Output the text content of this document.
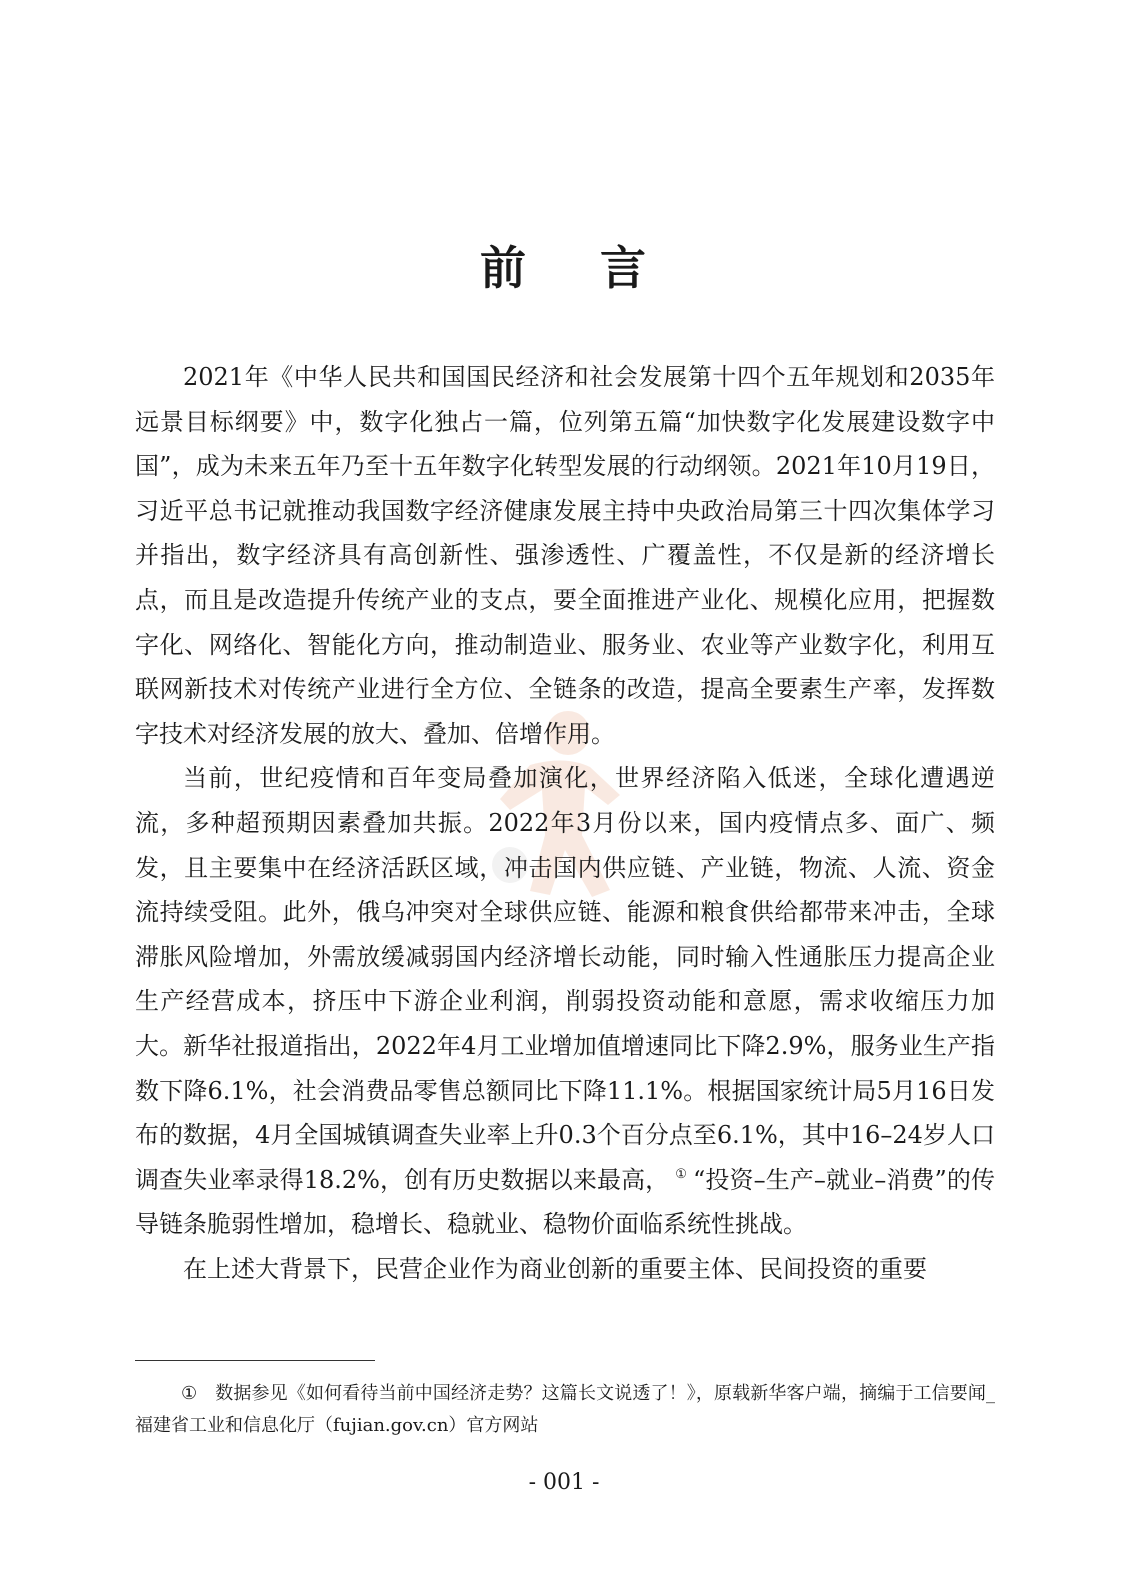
前 言

2021年《中华人民共和国国民经济和社会发展第十四个五年规划和2035年远景目标纲要》中，数字化独占一篇，位列第五篇“加快数字化发展建设数字中国”，成为未来五年乃至十五年数字化转型发展的行动纲领。2021年10月19日，习近平总书记就推动我国数字经济健康发展主持中央政治局第三十四次集体学习并指出，数字经济具有高创新性、强渗透性、广覆盖性，不仅是新的经济增长点，而且是改造提升传统产业的支点，要全面推进产业化、规模化应用，把握数字化、网络化、智能化方向，推动制造业、服务业、农业等产业数字化，利用互联网新技术对传统产业进行全方位、全链条的改造，提高全要素生产率，发挥数字技术对经济发展的放大、叠加、倍增作用。

当前，世纪疫情和百年变局叠加演化，世界经济陷入低迷，全球化遭遇逆流，多种超预期因素叠加共振。2022年3月份以来，国内疫情点多、面广、频发，且主要集中在经济活跃区域，冲击国内供应链、产业链，物流、人流、资金流持续受阻。此外，俄乌冲突对全球供应链、能源和粮食供给都带来冲击，全球滞胀风险增加，外需放缓减弱国内经济增长动能，同时输入性通胀压力提高企业生产经营成本，挤压中下游企业利润，削弱投资动能和意愿，需求收缩压力加大。新华社报道指出，2022年4月工业增加值增速同比下降2.9%，服务业生产指数下降6.1%，社会消费品零售总额同比下降11.1%。根据国家统计局5月16日发布的数据，4月全国城镇调查失业率上升0.3个百分点至6.1%，其中16–24岁人口调查失业率录得18.2%，创有历史数据以来最高， ① “投资–生产–就业–消费”的传导链条脆弱性增加，稳增长、稳就业、稳物价面临系统性挑战。

在上述大背景下，民营企业作为商业创新的重要主体、民间投资的重要

① 数据参见《如何看待当前中国经济走势？这篇长文说透了！》，原载新华客户端，摘编于工信要闻_福建省工业和信息化厅（fujian.gov.cn）官方网站

- 001 -
